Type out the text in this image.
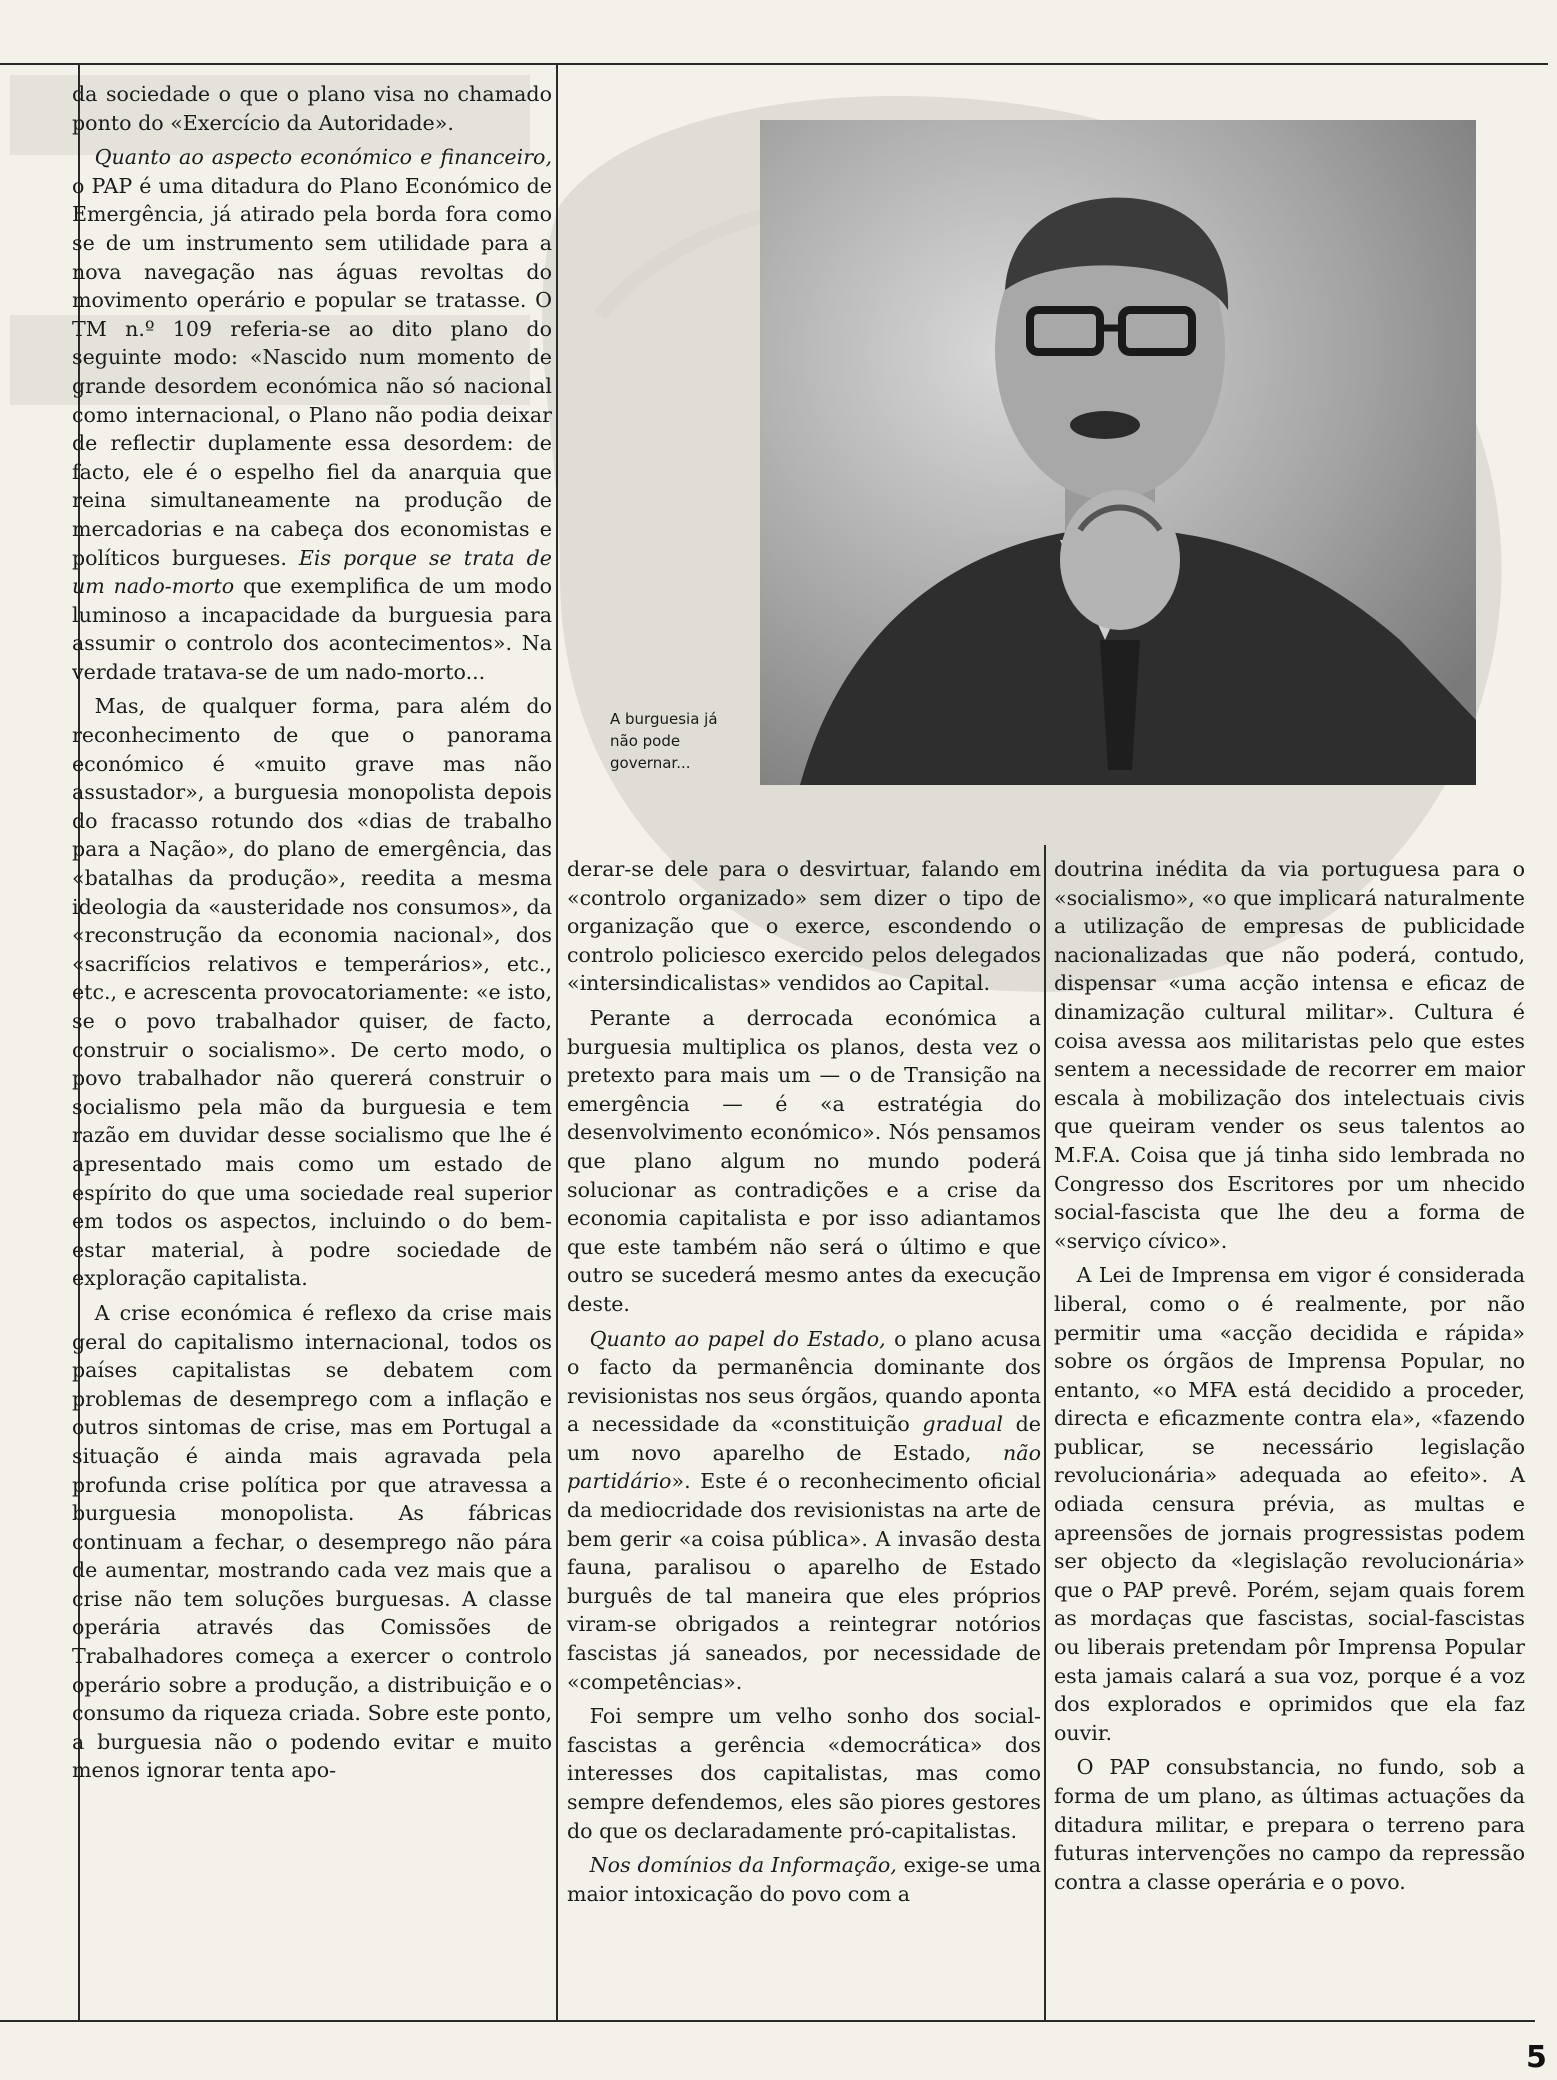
A burguesia já não pode governar...

da sociedade o que o plano visa no chamado ponto do «Exercício da Autoridade».

Quanto ao aspecto económico e financeiro, o PAP é uma ditadura do Plano Económico de Emergência, já atirado pela borda fora como se de um instrumento sem utilidade para a nova navegação nas águas revoltas do movimento operário e popular se tratasse. O TM n.º 109 referia-se ao dito plano do seguinte modo: «Nascido num momento de grande desordem económica não só nacional como internacional, o Plano não podia deixar de reflectir duplamente essa desordem: de facto, ele é o espelho fiel da anarquia que reina simultaneamente na produção de mercadorias e na cabeça dos economistas e políticos burgueses. Eis porque se trata de um nado-morto que exemplifica de um modo luminoso a incapacidade da burguesia para assumir o controlo dos acontecimentos». Na verdade tratava-se de um nado-morto...

Mas, de qualquer forma, para além do reconhecimento de que o panorama económico é «muito grave mas não assustador», a burguesia monopolista depois do fracasso rotundo dos «dias de trabalho para a Nação», do plano de emergência, das «batalhas da produção», reedita a mesma ideologia da «austeridade nos consumos», da «reconstrução da economia nacional», dos «sacrifícios relativos e temperários», etc., etc., e acrescenta provocatoriamente: «e isto, se o povo trabalhador quiser, de facto, construir o socialismo». De certo modo, o povo trabalhador não quererá construir o socialismo pela mão da burguesia e tem razão em duvidar desse socialismo que lhe é apresentado mais como um estado de espírito do que uma sociedade real superior em todos os aspectos, incluindo o do bem-estar material, à podre sociedade de exploração capitalista.

A crise económica é reflexo da crise mais geral do capitalismo internacional, todos os países capitalistas se debatem com problemas de desemprego com a inflação e outros sintomas de crise, mas em Portugal a situação é ainda mais agravada pela profunda crise política por que atravessa a burguesia monopolista. As fábricas continuam a fechar, o desemprego não pára de aumentar, mostrando cada vez mais que a crise não tem soluções burguesas. A classe operária através das Comissões de Trabalhadores começa a exercer o controlo operário sobre a produção, a distribuição e o consumo da riqueza criada. Sobre este ponto, a burguesia não o podendo evitar e muito menos ignorar tenta apo-

derar-se dele para o desvirtuar, falando em «controlo organizado» sem dizer o tipo de organização que o exerce, escondendo o controlo policiesco exercido pelos delegados «intersindicalistas» vendidos ao Capital.

Perante a derrocada económica a burguesia multiplica os planos, desta vez o pretexto para mais um — o de Transição na emergência — é «a estratégia do desenvolvimento económico». Nós pensamos que plano algum no mundo poderá solucionar as contradições e a crise da economia capitalista e por isso adiantamos que este também não será o último e que outro se sucederá mesmo antes da execução deste.

Quanto ao papel do Estado, o plano acusa o facto da permanência dominante dos revisionistas nos seus órgãos, quando aponta a necessidade da «constituição gradual de um novo aparelho de Estado, não partidário». Este é o reconhecimento oficial da mediocridade dos revisionistas na arte de bem gerir «a coisa pública». A invasão desta fauna, paralisou o aparelho de Estado burguês de tal maneira que eles próprios viram-se obrigados a reintegrar notórios fascistas já saneados, por necessidade de «competências».

Foi sempre um velho sonho dos social-fascistas a gerência «democrática» dos interesses dos capitalistas, mas como sempre defendemos, eles são piores gestores do que os declaradamente pró-capitalistas.

Nos domínios da Informação, exige-se uma maior intoxicação do povo com a

doutrina inédita da via portuguesa para o «socialismo», «o que implicará naturalmente a utilização de empresas de publicidade nacionalizadas que não poderá, contudo, dispensar «uma acção intensa e eficaz de dinamização cultural militar». Cultura é coisa avessa aos militaristas pelo que estes sentem a necessidade de recorrer em maior escala à mobilização dos intelectuais civis que queiram vender os seus talentos ao M.F.A. Coisa que já tinha sido lembrada no Congresso dos Escritores por um nhecido social-fascista que lhe deu a forma de «serviço cívico».

A Lei de Imprensa em vigor é considerada liberal, como o é realmente, por não permitir uma «acção decidida e rápida» sobre os órgãos de Imprensa Popular, no entanto, «o MFA está decidido a proceder, directa e eficazmente contra ela», «fazendo publicar, se necessário legislação revolucionária» adequada ao efeito». A odiada censura prévia, as multas e apreensões de jornais progressistas podem ser objecto da «legislação revolucionária» que o PAP prevê. Porém, sejam quais forem as mordaças que fascistas, social-fascistas ou liberais pretendam pôr Imprensa Popular esta jamais calará a sua voz, porque é a voz dos explorados e oprimidos que ela faz ouvir.

O PAP consubstancia, no fundo, sob a forma de um plano, as últimas actuações da ditadura militar, e prepara o terreno para futuras intervenções no campo da repressão contra a classe operária e o povo.

5
